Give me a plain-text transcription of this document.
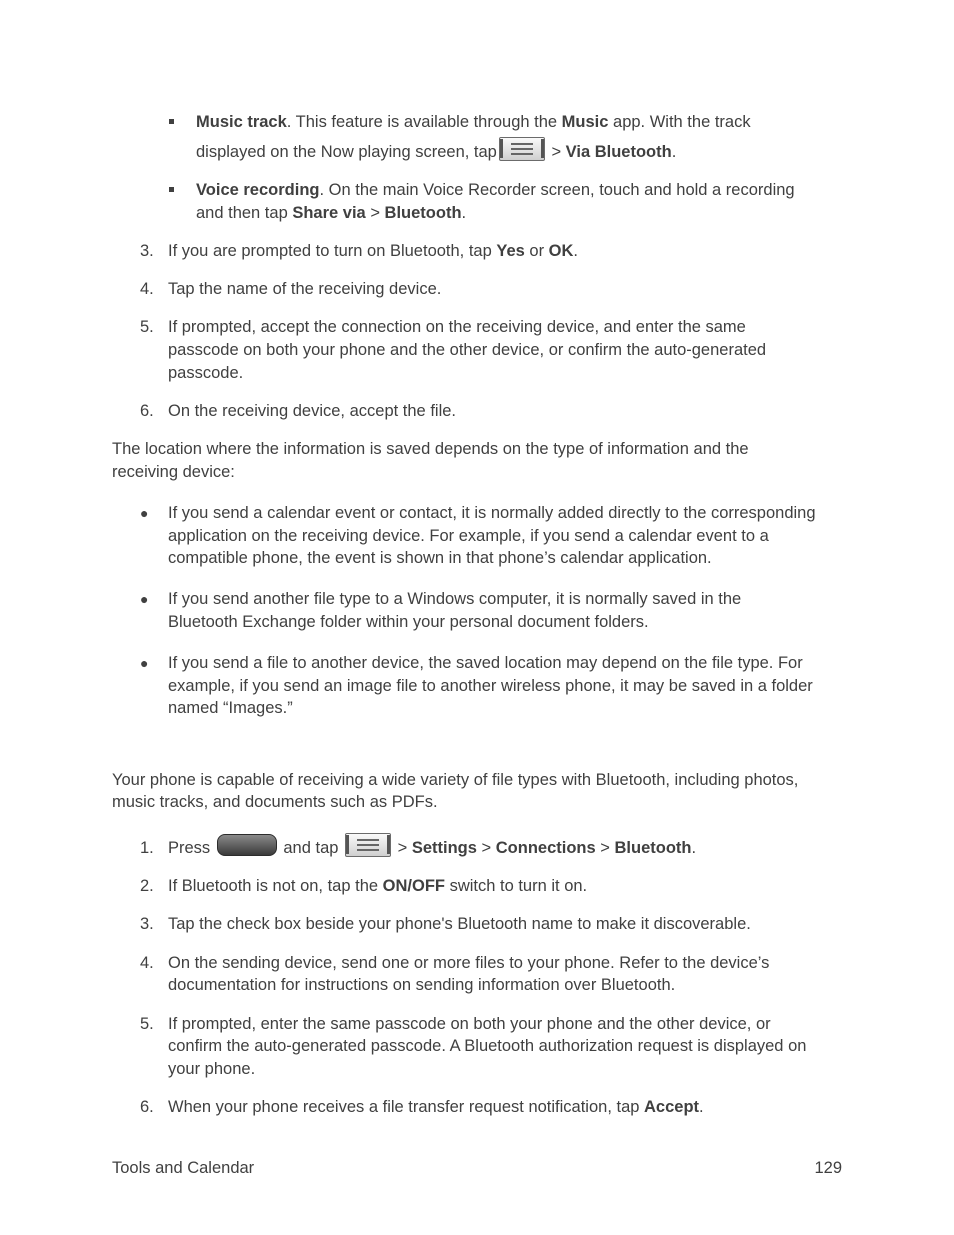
Music track. This feature is available through the Music app. With the track
displayed on the Now playing screen, tap	> Via Bluetooth.
Voice recording. On the main Voice Recorder screen, touch and hold a recording
and then tap Share via > Bluetooth.
3. If you are prompted to turn on Bluetooth, tap Yes or OK.
4. Tap the name of the receiving device.
5. If prompted, accept the connection on the receiving device, and enter the same
passcode on both your phone and the other device, or confirm the auto-generated
passcode.
6. On the receiving device, accept the file.
The location where the information is saved depends on the type of information and the
receiving device:
● If you send a calendar event or contact, it is normally added directly to the corresponding
application on the receiving device. For example, if you send a calendar event to a
compatible phone, the event is shown in that phone’s calendar application.
● If you send another file type to a Windows computer, it is normally saved in the
Bluetooth Exchange folder within your personal document folders.
● If you send a file to another device, the saved location may depend on the file type. For
example, if you send an image file to another wireless phone, it may be saved in a folder
named “Images.”
Your phone is capable of receiving a wide variety of file types with Bluetooth, including photos,
music tracks, and documents such as PDFs.
1. Press	and tap	> Settings > Connections > Bluetooth.
2. If Bluetooth is not on, tap the ON/OFF switch to turn it on.
3. Tap the check box beside your phone's Bluetooth name to make it discoverable.
4. On the sending device, send one or more files to your phone. Refer to the device’s
documentation for instructions on sending information over Bluetooth.
5. If prompted, enter the same passcode on both your phone and the other device, or
confirm the auto-generated passcode. A Bluetooth authorization request is displayed on
your phone.
6. When your phone receives a file transfer request notification, tap Accept.
Tools and Calendar	129
